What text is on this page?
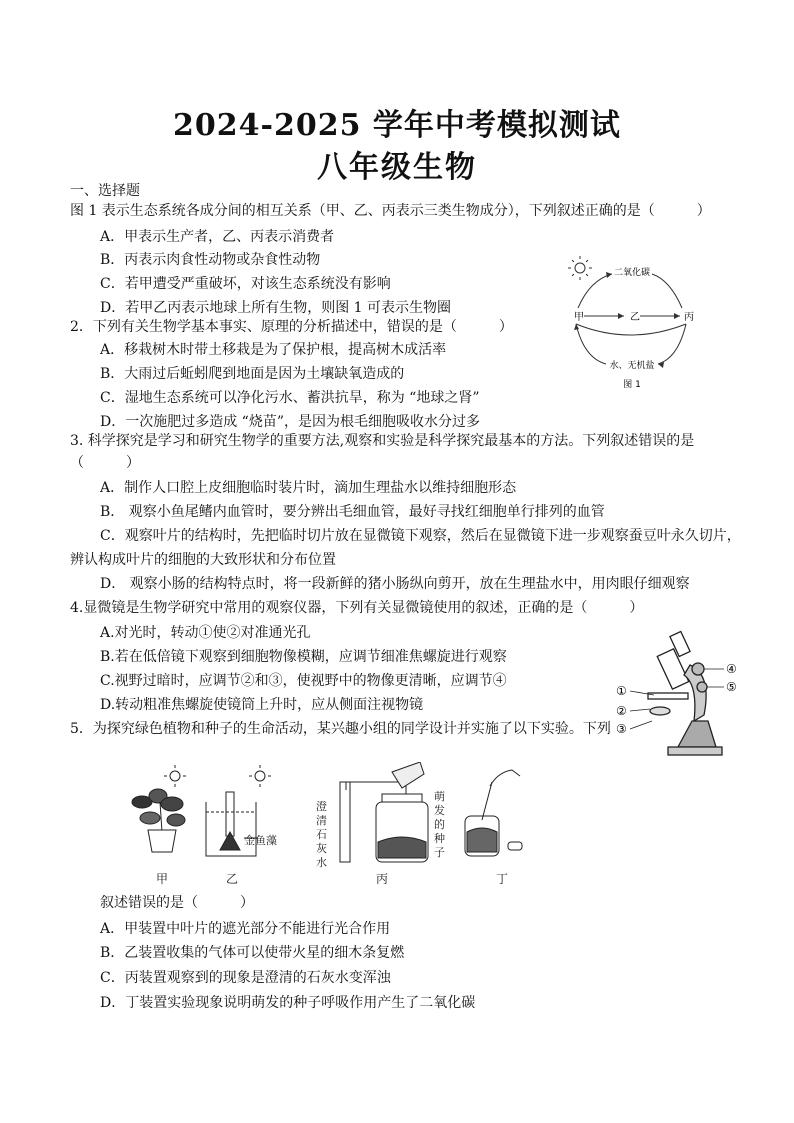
2024-2025 学年中考模拟测试
八年级生物
一、选择题
图 1 表示生态系统各成分间的相互关系（甲、乙、丙表示三类生物成分），下列叙述正确的是（　　　）
A．甲表示生产者，乙、丙表示消费者
B．丙表示肉食性动物或杂食性动物
C．若甲遭受严重破坏，对该生态系统没有影响
D．若甲乙丙表示地球上所有生物，则图 1 可表示生物圈
二氧化碳
甲	乙	丙
水、无机盐
图 1
2．下列有关生物学基本事实、原理的分析描述中，错误的是（　　　）
A．移栽树木时带土移栽是为了保护根，提高树木成活率
B．大雨过后蚯蚓爬到地面是因为土壤缺氧造成的
C．湿地生态系统可以净化污水、蓄洪抗旱，称为 “地球之肾”
D．一次施肥过多造成 “烧苗”，是因为根毛细胞吸收水分过多
3. 科学探究是学习和研究生物学的重要方法,观察和实验是科学探究最基本的方法。下列叙述错误的是
（　　　）
A．制作人口腔上皮细胞临时装片时，滴加生理盐水以维持细胞形态
B． 观察小鱼尾鳍内血管时，要分辨出毛细血管，最好寻找红细胞单行排列的血管
C．观察叶片的结构时，先把临时切片放在显微镜下观察，然后在显微镜下进一步观察蚕豆叶永久切片，
辨认构成叶片的细胞的大致形状和分布位置
D． 观察小肠的结构特点时，将一段新鲜的猪小肠纵向剪开，放在生理盐水中，用肉眼仔细观察
4.显微镜是生物学研究中常用的观察仪器，下列有关显微镜使用的叙述，正确的是（　　　）
A.对光时，转动①使②对准通光孔
B.若在低倍镜下观察到细胞物像模糊，应调节细准焦螺旋进行观察
C.视野过暗时，应调节②和③，使视野中的物像更清晰，应调节④
D.转动粗准焦螺旋使镜筒上升时，应从侧面注视物镜
①
②
③
④
⑤
5．为探究绿色植物和种子的生命活动，某兴趣小组的同学设计并实施了以下实验。下列
金鱼藻
澄清石 灰水
萌发的 种子
甲	乙	丙	丁
叙述错误的是（　　　）
A．甲装置中叶片的遮光部分不能进行光合作用
B．乙装置收集的气体可以使带火星的细木条复燃
C．丙装置观察到的现象是澄清的石灰水变浑浊
D．丁装置实验现象说明萌发的种子呼吸作用产生了二氧化碳
